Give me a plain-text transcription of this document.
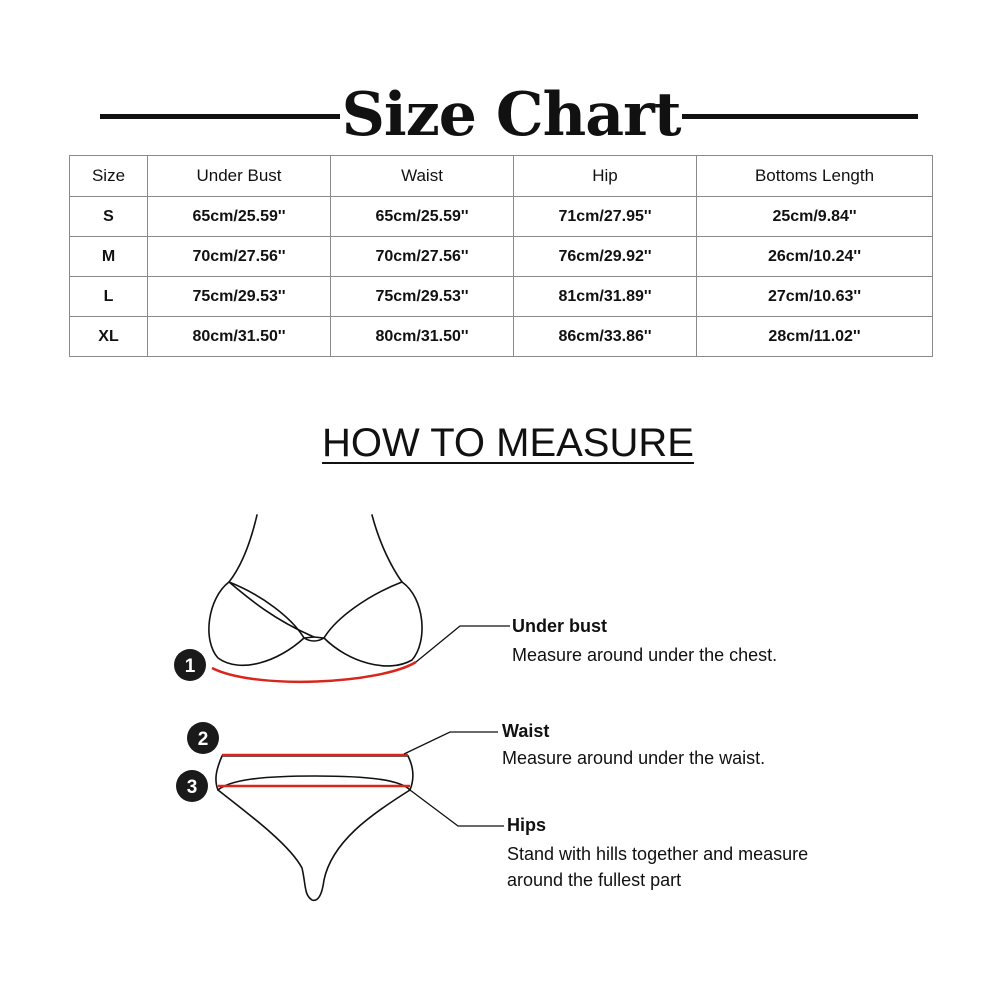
Size Chart
Size	Under Bust	Waist	Hip	Bottoms Length
S	65cm/25.59''	65cm/25.59''	71cm/27.95''	25cm/9.84''
M	70cm/27.56''	70cm/27.56''	76cm/29.92''	26cm/10.24''
L	75cm/29.53''	75cm/29.53''	81cm/31.89''	27cm/10.63''
XL	80cm/31.50''	80cm/31.50''	86cm/33.86''	28cm/11.02''
HOW TO MEASURE
1
2
3
Under bust
Measure around under the chest.
Waist
Measure around under the waist.
Hips
Stand with hills together and measure
around the fullest part
